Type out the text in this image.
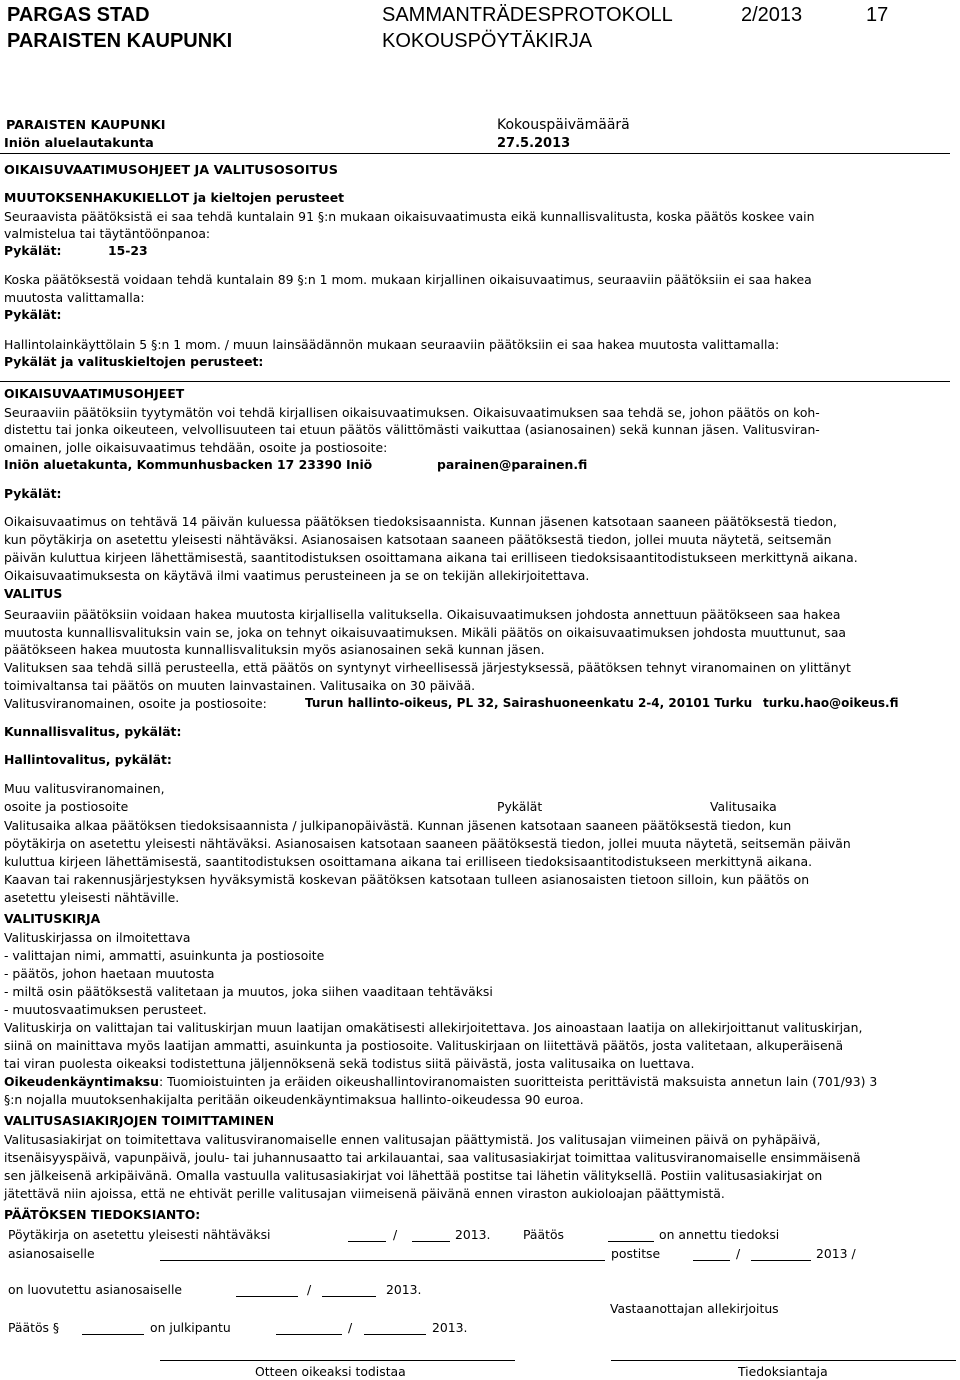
PARGAS STAD
PARAISTEN KAUPUNKI
SAMMANTRÄDESPROTOKOLL
KOKOUSPÖYTÄKIRJA
2/2013	17
PARAISTEN KAUPUNKI	Kokouspäivämäärä
Iniön aluelautakunta	27.5.2013
OIKAISUVAATIMUSOHJEET JA VALITUSOSOITUS
MUUTOKSENHAKUKIELLOT ja kieltojen perusteet

Seuraavista päätöksistä ei saa tehdä kuntalain 91 §:n mukaan oikaisuvaatimusta eikä kunnallisvalitusta, koska päätös koskee vain

valmistelua tai täytäntöönpanoa:

Pykälät:	15-23

Koska päätöksestä voidaan tehdä kuntalain 89 §:n 1 mom. mukaan kirjallinen oikaisuvaatimus, seuraaviin päätöksiin ei saa hakea

muutosta valittamalla:

Pykälät:

Hallintolainkäyttölain 5 §:n 1 mom. / muun lainsäädännön mukaan seuraaviin päätöksiin ei saa hakea muutosta valittamalla:

Pykälät ja valituskieltojen perusteet:
OIKAISUVAATIMUSOHJEET

Seuraaviin päätöksiin tyytymätön voi tehdä kirjallisen oikaisuvaatimuksen. Oikaisuvaatimuksen saa tehdä se, johon päätös on koh-

distettu tai jonka oikeuteen, velvollisuuteen tai etuun päätös välittömästi vaikuttaa (asianosainen) sekä kunnan jäsen. Valitusviran-

omainen, jolle oikaisuvaatimus tehdään, osoite ja postiosoite:

Iniön aluetakunta, Kommunhusbacken 17 23390 Iniö	parainen@parainen.fi
Pykälät:

Oikaisuvaatimus on tehtävä 14 päivän kuluessa päätöksen tiedoksisaannista. Kunnan jäsenen katsotaan saaneen päätöksestä tiedon,

kun pöytäkirja on asetettu yleisesti nähtäväksi. Asianosaisen katsotaan saaneen päätöksestä tiedon, jollei muuta näytetä, seitsemän

päivän kuluttua kirjeen lähettämisestä, saantitodistuksen osoittamana aikana tai erilliseen tiedoksisaantitodistukseen merkittynä aikana.

Oikaisuvaatimuksesta on käytävä ilmi vaatimus perusteineen ja se on tekijän allekirjoitettava.

VALITUS

Seuraaviin päätöksiin voidaan hakea muutosta kirjallisella valituksella. Oikaisuvaatimuksen johdosta annettuun päätökseen saa hakea

muutosta kunnallisvalituksin vain se, joka on tehnyt oikaisuvaatimuksen. Mikäli päätös on oikaisuvaatimuksen johdosta muuttunut, saa

päätökseen hakea muutosta kunnallisvalituksin myös asianosainen sekä kunnan jäsen.

Valituksen saa tehdä sillä perusteella, että päätös on syntynyt virheellisessä järjestyksessä, päätöksen tehnyt viranomainen on ylittänyt

toimivaltansa tai päätös on muuten lainvastainen. Valitusaika on 30 päivää.

Valitusviranomainen, osoite ja postiosoite:	Turun hallinto-oikeus, PL 32, Sairashuoneenkatu 2-4, 20101 Turku turku.hao@oikeus.fi
Kunnallisvalitus, pykälät:
Hallintovalitus, pykälät:

Muu valitusviranomainen,

osoite ja postiosoite	Pykälät	Valitusaika

Valitusaika alkaa päätöksen tiedoksisaannista / julkipanopäivästä. Kunnan jäsenen katsotaan saaneen päätöksestä tiedon, kun

pöytäkirja on asetettu yleisesti nähtäväksi. Asianosaisen katsotaan saaneen päätöksestä tiedon, jollei muuta näytetä, seitsemän päivän

kuluttua kirjeen lähettämisestä, saantitodistuksen osoittamana aikana tai erilliseen tiedoksisaantitodistukseen merkittynä aikana.

Kaavan tai rakennusjärjestyksen hyväksymistä koskevan päätöksen katsotaan tulleen asianosaisten tietoon silloin, kun päätös on

asetettu yleisesti nähtäville.

VALITUSKIRJA

Valituskirjassa on ilmoitettava

- valittajan nimi, ammatti, asuinkunta ja postiosoite

- päätös, johon haetaan muutosta

- miltä osin päätöksestä valitetaan ja muutos, joka siihen vaaditaan tehtäväksi

- muutosvaatimuksen perusteet.

Valituskirja on valittajan tai valituskirjan muun laatijan omakätisesti allekirjoitettava. Jos ainoastaan laatija on allekirjoittanut valituskirjan,

siinä on mainittava myös laatijan ammatti, asuinkunta ja postiosoite. Valituskirjaan on liitettävä päätös, josta valitetaan, alkuperäisenä

tai viran puolesta oikeaksi todistettuna jäljennöksenä sekä todistus siitä päivästä, josta valitusaika on luettava.

Oikeudenkäyntimaksu: Tuomioistuinten ja eräiden oikeushallintoviranomaisten suoritteista perittävistä maksuista annetun lain (701/93) 3

§:n nojalla muutoksenhakijalta peritään oikeudenkäyntimaksua hallinto-oikeudessa 90 euroa.

VALITUSASIAKIRJOJEN TOIMITTAMINEN

Valitusasiakirjat on toimitettava valitusviranomaiselle ennen valitusajan päättymistä. Jos valitusajan viimeinen päivä on pyhäpäivä,

itsenäisyyspäivä, vapunpäivä, joulu- tai juhannusaatto tai arkilauantai, saa valitusasiakirjat toimittaa valitusviranomaiselle ensimmäisenä

sen jälkeisenä arkipäivänä. Omalla vastuulla valitusasiakirjat voi lähettää postitse tai lähetin välityksellä. Postiin valitusasiakirjat on

jätettävä niin ajoissa, että ne ehtivät perille valitusajan viimeisenä päivänä ennen viraston aukioloajan päättymistä.

PÄÄTÖKSEN TIEDOKSIANTO:

Pöytäkirja on asetettu yleisesti nähtäväksi	/	2013.	Päätös	on annettu tiedoksi

asianosaiselle	postitse	/	2013 /

on luovutettu asianosaiselle	/	2013.

Vastaanottajan allekirjoitus

Päätös §	on julkipantu	/	2013.

Otteen oikeaksi todistaa	Tiedoksiantaja
